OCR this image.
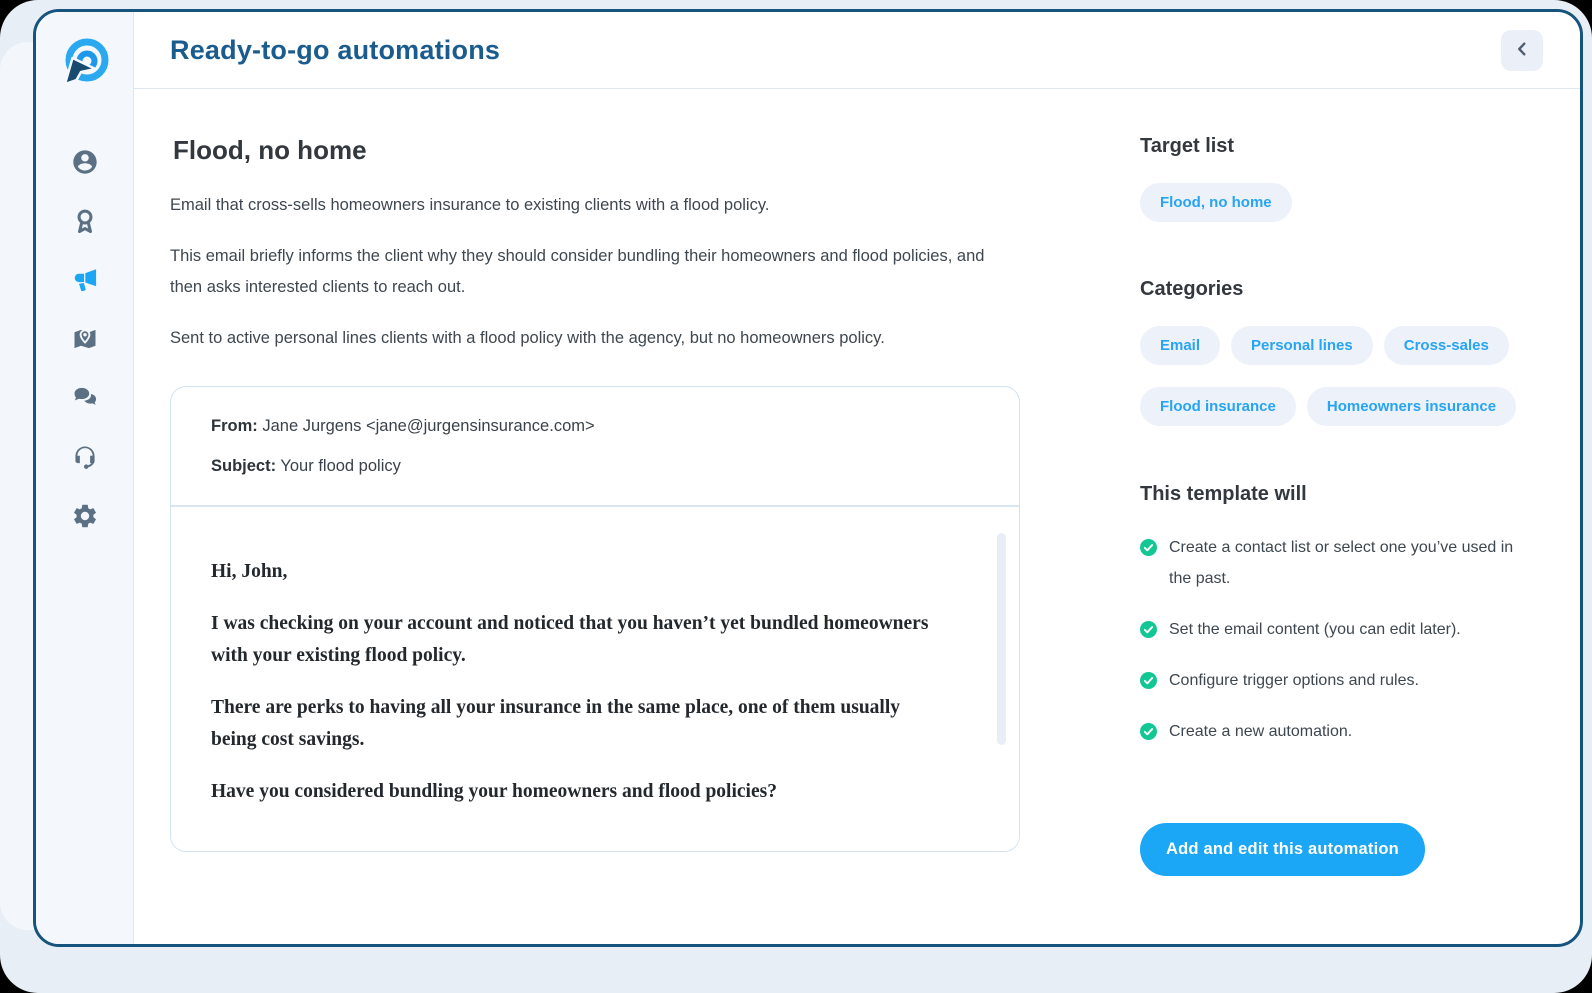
Ready-to-go automations
Flood, no home

Email that cross-sells homeowners insurance to existing clients with a flood policy.

This email briefly informs the client why they should consider bundling their homeowners and flood policies, and then asks interested clients to reach out.

Sent to active personal lines clients with a flood policy with the agency, but no homeowners policy.

From: Jane Jurgens <jane@jurgensinsurance.com>
Subject: Your flood policy

Hi, John,

I was checking on your account and noticed that you haven’t yet bundled homeowners with your existing flood policy.

There are perks to having all your insurance in the same place, one of them usually being cost savings.

Have you considered bundling your homeowners and flood policies?

Target list
Flood, no home
Categories
Email	Personal lines	Cross-sales
Flood insurance	Homeowners insurance
This template will
Create a contact list or select one you’ve used in the past.
Set the email content (you can edit later).
Configure trigger options and rules.
Create a new automation.
Add and edit this automation
